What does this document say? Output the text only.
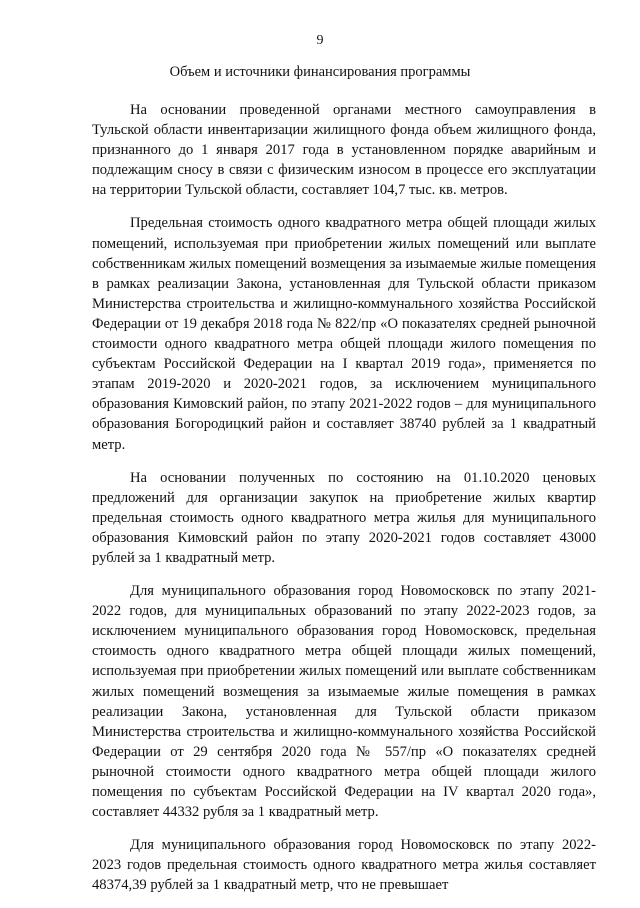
9
Объем и источники финансирования программы

На основании проведенной органами местного самоуправления в Тульской области инвентаризации жилищного фонда объем жилищного фонда, признанного до 1 января 2017 года в установленном порядке аварийным и подлежащим сносу в связи с физическим износом в процессе его эксплуатации на территории Тульской области, составляет 104,7 тыс. кв. метров.

Предельная стоимость одного квадратного метра общей площади жилых помещений, используемая при приобретении жилых помещений или выплате собственникам жилых помещений возмещения за изымаемые жилые помещения в рамках реализации Закона, установленная для Тульской области приказом Министерства строительства и жилищно-коммунального хозяйства Российской Федерации от 19 декабря 2018 года № 822/пр «О показателях средней рыночной стоимости одного квадратного метра общей площади жилого помещения по субъектам Российской Федерации на I квартал 2019 года», применяется по этапам 2019-2020 и 2020-2021 годов, за исключением муниципального образования Кимовский район, по этапу 2021-2022 годов – для муниципального образования Богородицкий район и составляет 38740 рублей за 1 квадратный метр.

На основании полученных по состоянию на 01.10.2020 ценовых предложений для организации закупок на приобретение жилых квартир предельная стоимость одного квадратного метра жилья для муниципального образования Кимовский район по этапу 2020-2021 годов составляет 43000 рублей за 1 квадратный метр.

Для муниципального образования город Новомосковск по этапу 2021-2022 годов, для муниципальных образований по этапу 2022-2023 годов, за исключением муниципального образования город Новомосковск, предельная стоимость одного квадратного метра общей площади жилых помещений, используемая при приобретении жилых помещений или выплате собственникам жилых помещений возмещения за изымаемые жилые помещения в рамках реализации Закона, установленная для Тульской области приказом Министерства строительства и жилищно-коммунального хозяйства Российской Федерации от 29 сентября 2020 года № 557/пр «О показателях средней рыночной стоимости одного квадратного метра общей площади жилого помещения по субъектам Российской Федерации на IV квартал 2020 года», составляет 44332 рубля за 1 квадратный метр.

Для муниципального образования город Новомосковск по этапу 2022-2023 годов предельная стоимость одного квадратного метра жилья составляет 48374,39 рублей за 1 квадратный метр, что не превышает
